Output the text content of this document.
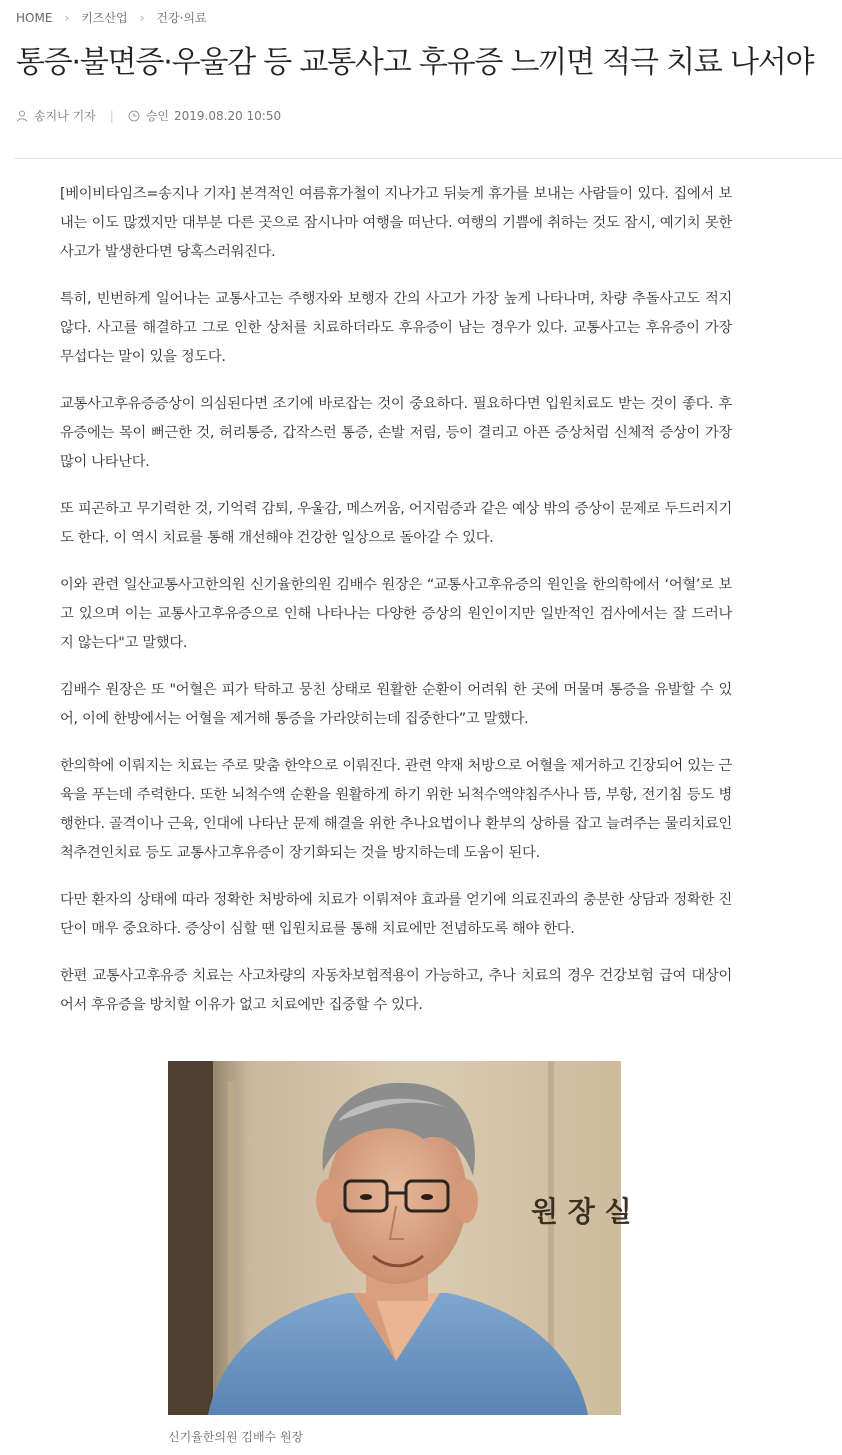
HOME › 키즈산업 › 건강·의료
통증·불면증·우울감 등 교통사고 후유증 느끼면 적극 치료 나서야
송지나 기자 |	승인 2019.08.20 10:50

[베이비타임즈=송지나 기자] 본격적인 여름휴가철이 지나가고 뒤늦게 휴가를 보내는 사람들이 있다. 집에서 보내는 이도 많겠지만 대부분 다른 곳으로 잠시나마 여행을 떠난다. 여행의 기쁨에 취하는 것도 잠시, 예기치 못한 사고가 발생한다면 당혹스러워진다.

특히, 빈번하게 일어나는 교통사고는 주행자와 보행자 간의 사고가 가장 높게 나타나며, 차량 추돌사고도 적지 않다. 사고를 해결하고 그로 인한 상처를 치료하더라도 후유증이 남는 경우가 있다. 교통사고는 후유증이 가장 무섭다는 말이 있을 정도다.

교통사고후유증증상이 의심된다면 조기에 바로잡는 것이 중요하다. 필요하다면 입원치료도 받는 것이 좋다. 후유증에는 목이 뻐근한 것, 허리통증, 갑작스런 통증, 손발 저림, 등이 결리고 아픈 증상처럼 신체적 증상이 가장 많이 나타난다.

또 피곤하고 무기력한 것, 기억력 감퇴, 우울감, 메스꺼움, 어지럼증과 같은 예상 밖의 증상이 문제로 두드러지기도 한다. 이 역시 치료를 통해 개선해야 건강한 일상으로 돌아갈 수 있다.

이와 관련 일산교통사고한의원 신기율한의원 김배수 원장은 “교통사고후유증의 원인을 한의학에서 ‘어혈’로 보고 있으며 이는 교통사고후유증으로 인해 나타나는 다양한 증상의 원인이지만 일반적인 검사에서는 잘 드러나지 않는다"고 말했다.

김배수 원장은 또 "어혈은 피가 탁하고 뭉친 상태로 원활한 순환이 어려워 한 곳에 머물며 통증을 유발할 수 있어, 이에 한방에서는 어혈을 제거해 통증을 가라앉히는데 집중한다”고 말했다.

한의학에 이뤄지는 치료는 주로 맞춤 한약으로 이뤄진다. 관련 약재 처방으로 어혈을 제거하고 긴장되어 있는 근육을 푸는데 주력한다. 또한 뇌척수액 순환을 원활하게 하기 위한 뇌척수액약침주사나 뜸, 부항, 전기침 등도 병행한다. 골격이나 근육, 인대에 나타난 문제 해결을 위한 추나요법이나 환부의 상하를 잡고 늘려주는 물리치료인 척추견인치료 등도 교통사고후유증이 장기화되는 것을 방지하는데 도움이 된다.

다만 환자의 상태에 따라 정확한 처방하에 치료가 이뤄져야 효과를 얻기에 의료진과의 충분한 상담과 정확한 진단이 매우 중요하다. 증상이 심할 땐 입원치료를 통해 치료에만 전념하도록 해야 한다.

한편 교통사고후유증 치료는 사고차량의 자동차보험적용이 가능하고, 추나 치료의 경우 건강보험 급여 대상이어서 후유증을 방치할 이유가 없고 치료에만 집중할 수 있다.

원 장 실
신기율한의원 김배수 원장
